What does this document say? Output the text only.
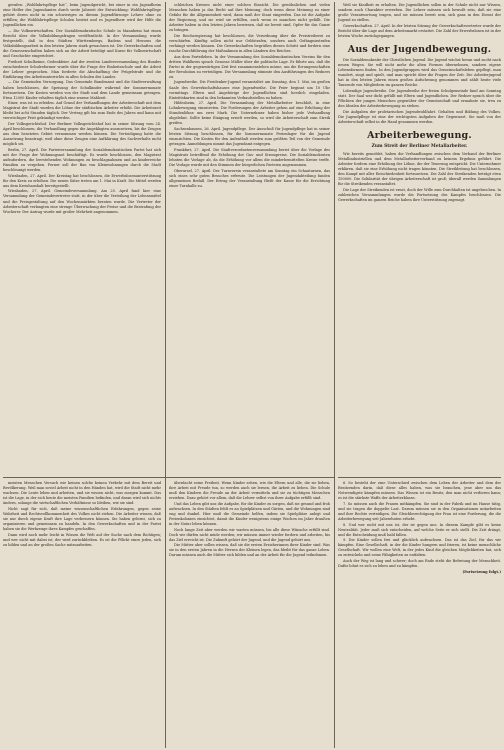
gerufen: „Wohlfahrtspflege hat“, beim Jugendgericht, bei einer in ein Jugendheim eine Helfer des Jugendamtes durch weite Jahrzeit der Entwicklung: Wohlfahrtspflege gehört deren nicht in ein schwieriges zu diesem Jugendfürsorge Lehrer ohne zu erfüllen; die Wohlfahrtspflege Schulen besitzt und es Jugendherr wird der Hilfe die Jugendlichen ein.

— Die Volkswirtschaften. Der Sozialdemokratische Schule in Mannheim hat einen Bericht über die Volksbildungsfragen veröffentlicht. In der Versammlung wurde festgestellt, daß in den Städten Württembergs, Badens und Hessens die Volksbildungsarbeit in den letzten Jahren stark gewachsen ist. Die Gewerkschaften und die Genossenschaften haben sich an der Arbeit beteiligt und Kurse für Volkswirtschaft und Geschichte eingerichtet.

Freiheit Schulheime, Gedenkfeier. Auf der zweiten Landesversammlung des Bundes entschiedener Schulreformer wurde über die Frage der Einheitsschule und die Arbeit der Lehrer gesprochen. Man forderte die Abschaffung der Prügelstrafe und die Einführung des Arbeitsunterrichts in allen Schulen des Landes.

— Die Gemeinden Versorgung. Das Gemeinde Bundesamt und die Stadtverwaltung haben beschlossen, die Speisung der Schulkinder während der Sommermonate fortzusetzen. Die Kosten werden von der Stadt und dem Lande gemeinsam getragen. Etwa 12000 Kinder erhalten täglich eine warme Mahlzeit.

Einer, was ist zu erleiden. Auf Grund der Verhandlungen der Arbeiterschaft mit dem Magistrat der Stadt wurden die Löhne der städtischen Arbeiter erhöht. Die Arbeitszeit bleibt bei acht Stunden täglich. Der Vertrag gilt bis zum Ende des Jahres und kann mit vierwöchiger Frist gekündigt werden.

Der Volksgerichtshof. Der Berliner Volksgerichtshof hat in seiner Sitzung vom 24. April beschlossen, die Verhandlung gegen die Angeklagten auszusetzen, bis die Zeugen aus dem besetzten Gebiet vernommen werden können. Die Verteidigung hatte die Aussetzung beantragt, weil ohne diese Zeugen eine Aufklärung des Sachverhalts nicht möglich sei.

Berlin, 27. April. Die Parteiversammlung der Sozialdemokratischen Partei hat sich mit der Frage der Wohnungsnot beschäftigt. Es wurde beschlossen, den Magistrat aufzufordern, die leerstehenden Wohnungen zu beschlagnahmen und an kinderreiche Familien zu vergeben. Ferner soll der Bau von Kleinwohnungen durch die Stadt beschleunigt werden.

Wiesbaden, 27. April. Der Kreistag hat beschlossen, die Erwerbslosenunterstützung für den Kreis zu erhöhen. Die neuen Sätze treten am 1. Mai in Kraft. Die Mittel werden aus dem Kreishaushalt bereitgestellt.

Wiesbaden, 27. April. Gemeindeversammlung. Am 25. April fand hier eine Versammlung der Gemeindevertreter statt, in der über die Verteilung der Lebensmittel und die Preisgestaltung auf den Wochenmärkten beraten wurde. Die Vertreter der Arbeiterschaft verlangten eine strenge Überwachung der Preise und die Bestrafung der Wucherer. Der Antrag wurde mit großer Mehrheit angenommen.

schleichen Kreisen nicht einer solchen Einsicht. Die gewöhnlichen und vielen Menschen haben ja das Recht auf ihre Meinung; doch wenn diese Meinung zu einer Gefahr für die Allgemeinheit wird, dann muß der Staat eingreifen. Das ist die Aufgabe der Regierung, und sie wird sie erfüllen, auch wenn es manchen nicht gefällt. Die Arbeiter haben in den letzten Jahren bewiesen, daß sie bereit sind, Opfer für das Ganze zu bringen.

Die Reichsregierung hat beschlossen, die Verordnung über die Preistreiberei zu verschärfen. Künftig sollen nicht nur Geldstrafen, sondern auch Gefängnisstrafen verhängt werden können. Die Gewerkschaften begrüßen diesen Schritt und fordern eine rasche Durchführung der Maßnahmen in allen Ländern des Reiches.

Aus dem Parteileben. In der Versammlung des Sozialdemokratischen Vereins für den dritten Wahlkreis sprach Genosse Müller über die politische Lage. Er führte aus, daß die Partei in der gegenwärtigen Zeit fest zusammenstehen müsse, um die Errungenschaften der Revolution zu verteidigen. Die Versammlung stimmte den Ausführungen des Redners zu.

Jugendweihe. Die Freidenker-Jugend veranstaltet am Sonntag, den 1. Mai, im großen Saale des Gewerkschaftshauses eine Jugendweihe. Die Feier beginnt um 10 Uhr vormittags. Eltern und Angehörige der Jugendlichen sind herzlich eingeladen. Eintrittskarten sind in den bekannten Verkaufsstellen zu haben.

Hildesheim, 27. April. Die Versammlung der Metallarbeiter beschloß, in eine Lohnbewegung einzutreten. Die Forderungen der Arbeiter gehen auf eine Erhöhung der Stundenlöhne um zwei Mark. Die Unternehmer haben bisher jede Verhandlung abgelehnt. Sollte keine Einigung erzielt werden, so wird die Arbeiterschaft zum Streik greifen.

Sachsenhausen, 26. April. Jugendpflege. Der Ausschuß für Jugendpflege hat in seiner letzten Sitzung beschlossen, für die Sommermonate Ferienlager für die Jugend einzurichten. Die Kosten für den Aufenthalt werden zum größten Teil von der Gemeinde getragen. Anmeldungen nimmt das Jugendamt entgegen.

Frankfurt, 27. April. Die Stadtverordnetenversammlung beriet über die Vorlage des Magistrats betreffend die Erhöhung der Gas- und Strompreise. Die Sozialdemokraten lehnten die Vorlage ab, da die Erhöhung vor allem die minderbemittelten Kreise treffe. Die Vorlage wurde mit den Stimmen der bürgerlichen Parteien angenommen.

Oberursel, 27. April. Der Turnverein veranstaltete am Sonntag ein Schauturnen, das sich eines sehr guten Besuches erfreute. Die Leistungen der Jugendabteilung fanden allgemeinen Beifall. Der Ertrag der Veranstaltung fließt der Kasse für die Errichtung einer Turnhalle zu.

Weil sie Kindheit zu erhalten. Die Jugendlichen sollen in der Schule nicht nur Wissen, sondern auch Charakter erwerben. Die Lehrer müssen sich bewußt sein, daß sie eine große Verantwortung tragen, und sie müssen bereit sein, sich ganz in den Dienst der Jugend zu stellen.

Gewerkschaften. 27. April. In der letzten Sitzung der Gewerkschaftsvertreter wurde der Bericht über die Lage auf dem Arbeitsmarkt erstattet. Die Zahl der Erwerbslosen ist in der letzten Woche zurückgegangen.

Aus der Jugendbewegung.

Die Sozialdemokratie der Christlichen Jugend. Die Jugend wächst heran und sucht nach neuen Wegen. Sie will nicht mehr die alten Formen übernehmen, sondern eigene Lebensformen finden. In den Jugendgruppen wird das Gemeinschaftsleben gepflegt, man wandert, singt und spielt, und man spricht über die Fragen der Zeit. Die Arbeiterjugend hat in den letzten Jahren einen großen Aufschwung genommen und zählt heute viele Tausende von Mitgliedern im ganzen Reiche.

Lebendige Jugendweihe. Die Jugendweihe der freien Schulgemeinde fand am Sonntag statt. Der Saal war dicht gefüllt mit Eltern und Jugendlichen. Der Redner sprach über die Pflichten der jungen Menschen gegenüber der Gemeinschaft und ermahnte sie, treu zu den Idealen der Arbeiterbewegung zu stehen.

Die Aufgaben der proletarischen Jugendwohlfahrt. Gehalten und Bildung des Volkes. Die Jugendpflege ist eine der wichtigsten Aufgaben der Gegenwart. Sie muß von der Arbeiterschaft selbst in die Hand genommen werden.

Arbeiterbewegung.

Zum Streit der Berliner Metallarbeiter.

Wie bereits gemeldet, haben die Verhandlungen zwischen dem Verband der Berliner Metallindustriellen und dem Metallarbeiterverband zu keinem Ergebnis geführt. Die Arbeiter fordern eine Erhöhung der Löhne, die der Teuerung entspricht. Die Unternehmer erklären, daß sie eine Erhöhung nicht tragen könnten. Die Streikleitung hat beschlossen, den Kampf mit aller Entschiedenheit fortzusetzen. Die Zahl der Streikenden beträgt etwa 150000. Die Solidarität der übrigen Arbeiterschaft ist groß; überall werden Sammlungen für die Streikenden veranstaltet.

Die Lage der Streikenden ist ernst, doch der Wille zum Durchhalten ist ungebrochen. In zahlreichen Versammlungen wurde die Fortsetzung des Kampfes beschlossen. Die Gewerkschaften im ganzen Reiche haben ihre Unterstützung zugesagt.

meisten Menschen Versuch wie keinen solche keinen Verkehr mit dem Bereit und Bevölkerung. Weil man soviel Arbeit nicht in den Händen hat, wird die Stadt nicht mehr wachsen. Die Leute leben und arbeiten, und sie wissen nicht, was morgen kommt. Das ist die Lage, in der sich heute die meisten Familien befinden, und daran wird sich nichts ändern, solange die wirtschaftlichen Verhältnisse so bleiben, wie sie sind.

Nicht sagt für sich, daß meine wissenschaftlichen Erfahrungen, gegen seine Wahrheit und Rechtsvollkommenheit des Volkes nicht stehen. Die Arbeiter wissen, daß sie nur durch eigene Kraft ihre Lage verbessern können. Sie haben gelernt, sich zu organisieren und gemeinsam zu handeln. In den Gewerkschaften und in der Partei haben sie die Werkzeuge ihres Kampfes geschaffen.

Dann wird noch mehr leicht in Wissen die Welt auf der Suche nach dem Richtigen; und wer nicht mit dabei ist, der wird zurückbleiben. Es ist die Pflicht eines jeden, sich zu bilden und an der großen Sache mitzuarbeiten.

überdacht seine Freiheit. Wenn Kinder sehen, wie die Eltern und alle, die sie lieben, ihre Arbeit mit Freude tun, so werden auch sie lernen, die Arbeit zu lieben. Die Schule muß den Kindern die Freude an der Arbeit vermitteln und sie zu tüchtigen Menschen erziehen. Dazu gehört vor allem, daß die Lehrer selbst von ihrer Aufgabe erfüllt sind.

Und das Leben gibt uns die Aufgabe, für die Kinder zu sorgen, daß sie gesund und froh aufwachsen. In den Städten fehlt es an Spielplätzen und Gärten, und die Wohnungen sind eng und dunkel. Hier muß die Gemeinde helfen, indem sie Spielplätze anlegt und Ferienkolonien einrichtet, damit die Kinder wenigstens einige Wochen im Jahre draußen in der Natur leben können.

Noch lange Zeit aber werden wir warten müssen, bis alle diese Wünsche erfüllt sind. Doch wir dürfen nicht müde werden; wir müssen immer wieder fordern und arbeiten, bis das Ziel erreicht ist. Die Zukunft gehört der Jugend, und die Jugend gehört uns.

Die Mütter aber sollen wissen, daß sie die ersten Erzieherinnen ihrer Kinder sind. Was sie in den ersten Jahren in die Herzen der Kleinen legen, das bleibt für das ganze Leben. Darum müssen auch die Mütter sich bilden und an der Arbeit für die Jugend teilnehmen.

6. So besteht der eine Unterschied zwischen dem Leben der Arbeiter und dem der Besitzenden darin, daß diese alles haben, was sie brauchen, jene aber um das Notwendigste kämpfen müssen. Das Wissen ist ein Besitz, den man nicht verlieren kann; es ist die stärkste Waffe der Arbeiterklasse.

7. So müssen auch die Frauen mitkämpfen. Sie sind in der Fabrik und im Hause tätig, und sie tragen die doppelte Last. Darum müssen sie in den Organisationen mitarbeiten und ihre Rechte verteidigen. Die Gleichberechtigung der Frau ist eine Forderung, die die Arbeiterbewegung seit Jahrzehnten erhebt.

8. Und wer nicht mit uns ist, der ist gegen uns. In diesem Kampfe gibt es keine Neutralität. Jeder muß sich entscheiden, auf welche Seite er sich stellt. Die Zeit drängt, und die Entscheidung muß bald fallen.

9. Die Kinder sollen frei und glücklich aufwachsen. Das ist das Ziel, für das wir kämpfen. Eine Gesellschaft, in der die Kinder hungern und frieren, ist keine menschliche Gesellschaft. Wir wollen eine Welt, in der jedes Kind die gleichen Möglichkeiten hat, sich zu entwickeln und seine Fähigkeiten zu entfalten.

Auch der Weg ist lang und schwer; doch am Ende steht die Befreiung der Menschheit. Dafür lohnt es sich zu leben und zu kämpfen.

(Fortsetzung folgt.)
